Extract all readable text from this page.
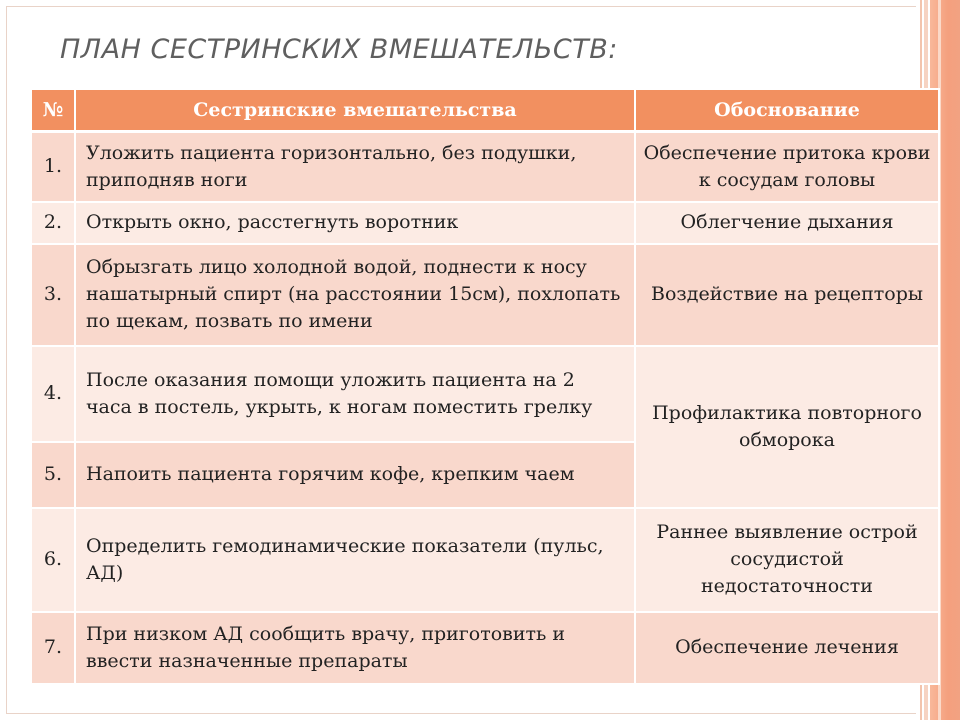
ПЛАН СЕСТРИНСКИХ ВМЕШАТЕЛЬСТВ:
№	Сестринские вмешательства	Обоснование
1.	Уложить пациента горизонтально, без подушки, приподняв ноги	Обеспечение притока крови к сосудам головы
2.	Открыть окно, расстегнуть воротник	Облегчение дыхания
3.	Обрызгать лицо холодной водой, поднести к носу нашатырный спирт (на расстоянии 15см), похлопать по щекам, позвать по имени	Воздействие на рецепторы
4.	После оказания помощи уложить пациента на 2 часа в постель, укрыть, к ногам поместить грелку	Профилактика повторного обморока
5.	Напоить пациента горячим кофе, крепким чаем	
6.	Определить гемодинамические показатели (пульс, АД)	Раннее выявление острой сосудистой недостаточности
7.	При низком АД сообщить врачу, приготовить и ввести назначенные препараты	Обеспечение лечения
